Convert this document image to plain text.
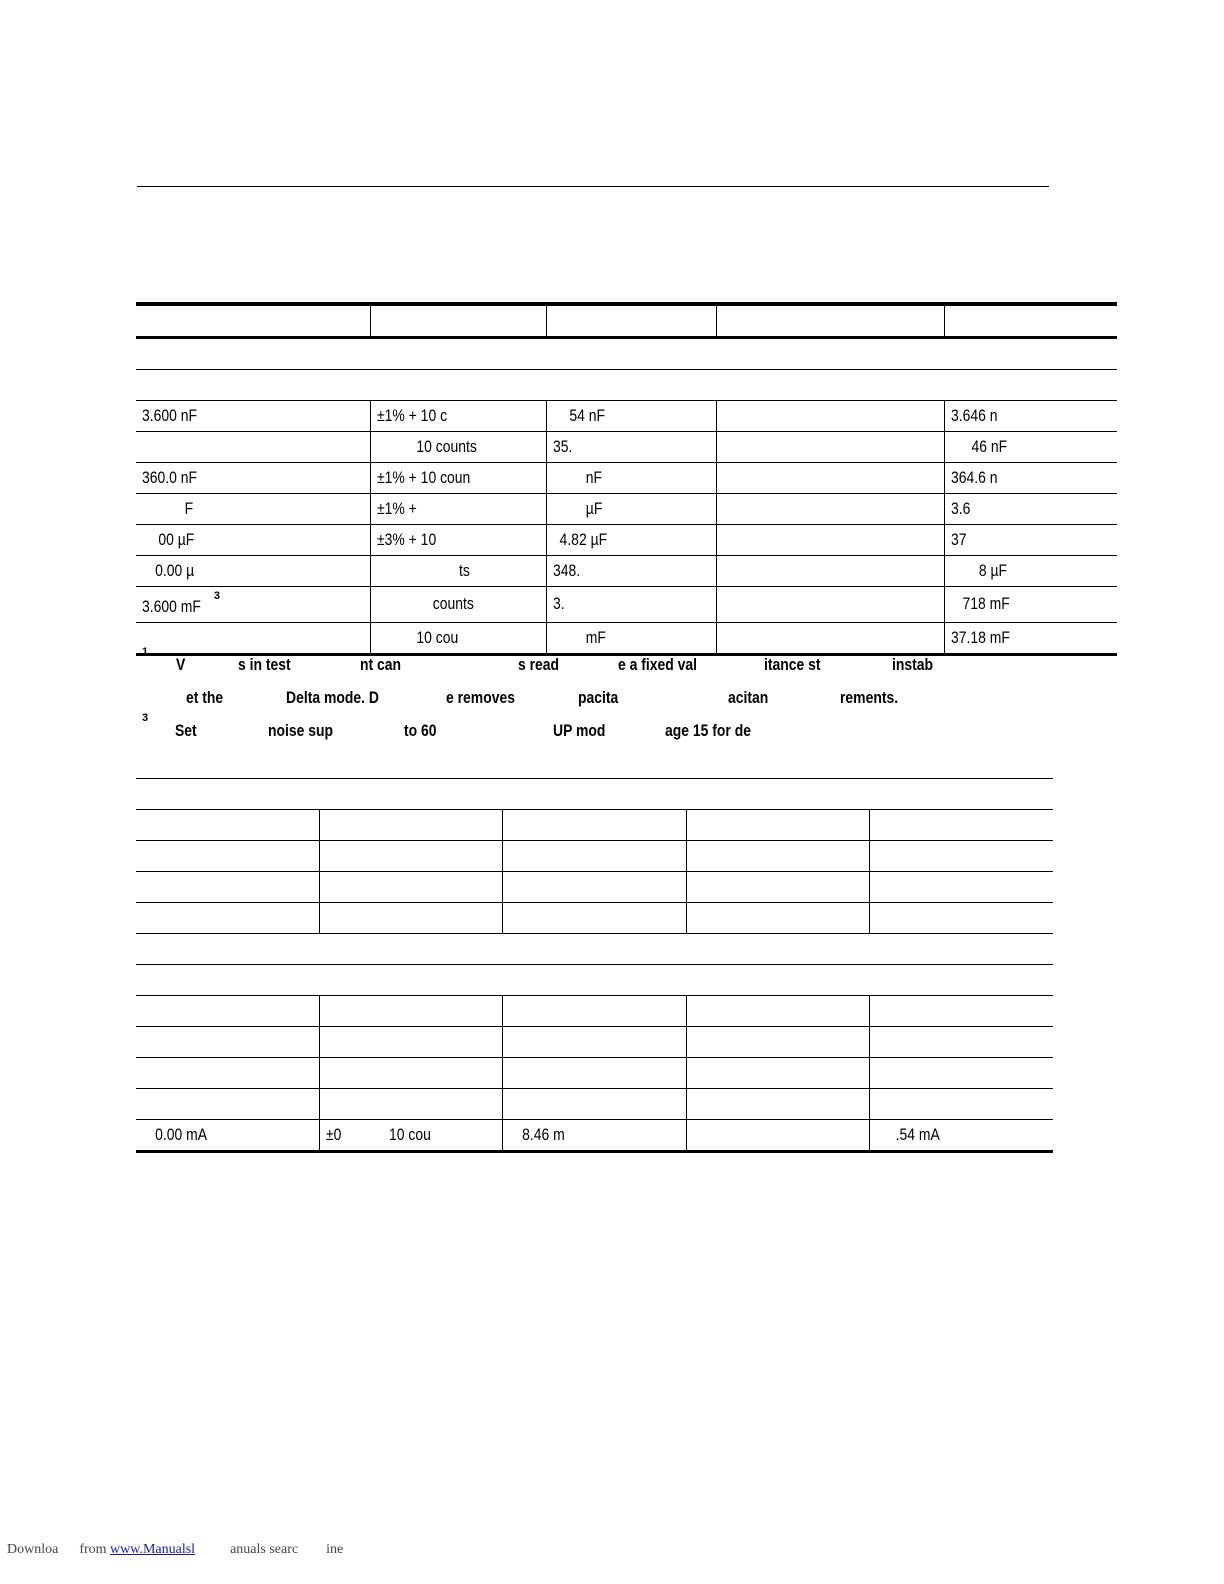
3.600 nF	±1% + 10 c	54 nF		3.646 n
	10 counts	35.		46 nF
360.0 nF	±1% + 10 coun	nF		364.6 n
F	±1% +	µF		3.6
00 µF	±3% + 10	4.82 µF		37
0.00 µ	ts	348.		8 µF
3.600 mF$^3$	counts	3.		718 mF
	10 cou	mF		37.18 mF
$^1$
V	s in test	nt can	s read	e a fixed val	itance st	instab
et the	Delta mode. D	e removes	pacita	acitan	rements.
$^3$
Set	noise sup	to 60	UP mod	age 15 for de

0.00 mA	±0 10 cou	8.46 m		.54 mA
Downloa from www.Manualsl	anuals searc ine
